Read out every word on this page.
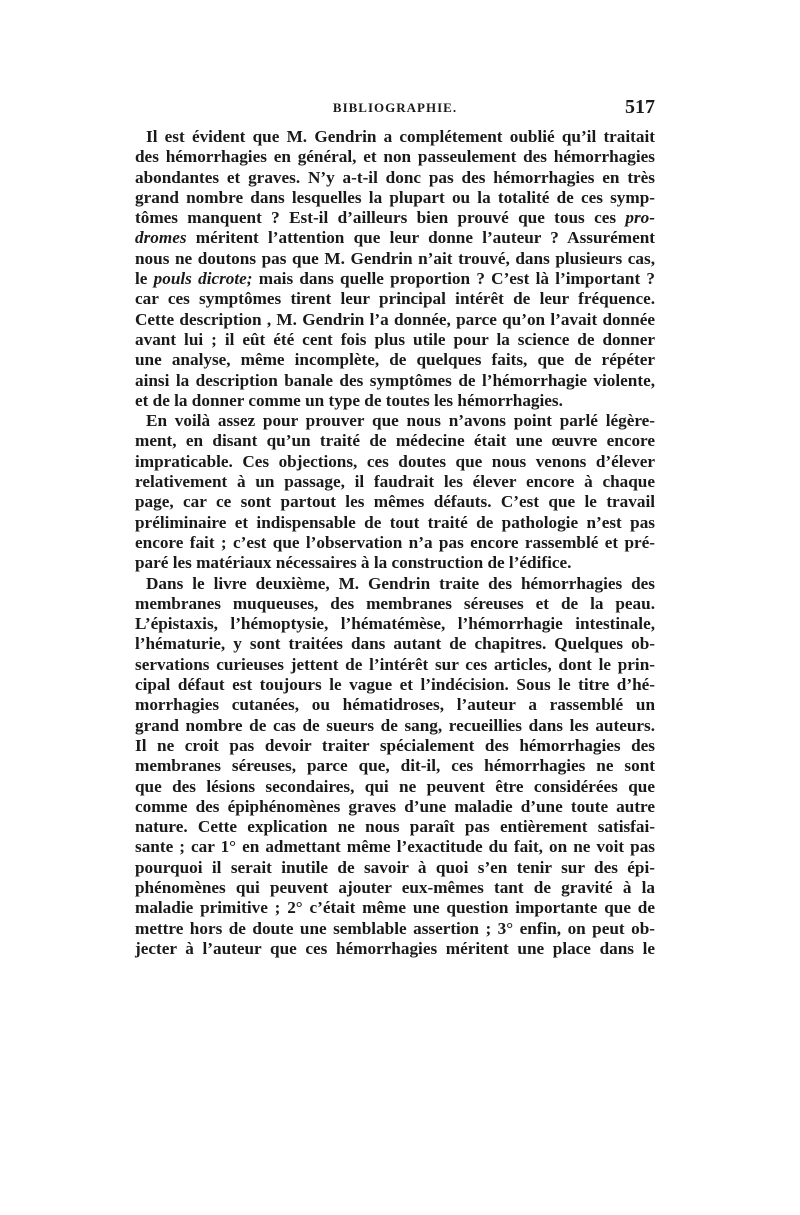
BIBLIOGRAPHIE.	517
Il est évident que M. Gendrin a complétement oublié qu’il traitait
des hémorrhagies en général, et non passeulement des hémorrhagies
abondantes et graves. N’y a-t-il donc pas des hémorrhagies en très
grand nombre dans lesquelles la plupart ou la totalité de ces symp-
tômes manquent ? Est-il d’ailleurs bien prouvé que tous ces pro-
dromes méritent l’attention que leur donne l’auteur ? Assurément
nous ne doutons pas que M. Gendrin n’ait trouvé, dans plusieurs cas,
le pouls dicrote; mais dans quelle proportion ? C’est là l’important ?
car ces symptômes tirent leur principal intérêt de leur fréquence.
Cette description , M. Gendrin l’a donnée, parce qu’on l’avait donnée
avant lui ; il eût été cent fois plus utile pour la science de donner
une analyse, même incomplète, de quelques faits, que de répéter
ainsi la description banale des symptômes de l’hémorrhagie violente,
et de la donner comme un type de toutes les hémorrhagies.
En voilà assez pour prouver que nous n’avons point parlé légère-
ment, en disant qu’un traité de médecine était une œuvre encore
impraticable. Ces objections, ces doutes que nous venons d’élever
relativement à un passage, il faudrait les élever encore à chaque
page, car ce sont partout les mêmes défauts. C’est que le travail
préliminaire et indispensable de tout traité de pathologie n’est pas
encore fait ; c’est que l’observation n’a pas encore rassemblé et pré-
paré les matériaux nécessaires à la construction de l’édifice.
Dans le livre deuxième, M. Gendrin traite des hémorrhagies des
membranes muqueuses, des membranes séreuses et de la peau.
L’épistaxis, l’hémoptysie, l’hématémèse, l’hémorrhagie intestinale,
l’hématurie, y sont traitées dans autant de chapitres. Quelques ob-
servations curieuses jettent de l’intérêt sur ces articles, dont le prin-
cipal défaut est toujours le vague et l’indécision. Sous le titre d’hé-
morrhagies cutanées, ou hématidroses, l’auteur a rassemblé un
grand nombre de cas de sueurs de sang, recueillies dans les auteurs.
Il ne croit pas devoir traiter spécialement des hémorrhagies des
membranes séreuses, parce que, dit-il, ces hémorrhagies ne sont
que des lésions secondaires, qui ne peuvent être considérées que
comme des épiphénomènes graves d’une maladie d’une toute autre
nature. Cette explication ne nous paraît pas entièrement satisfai-
sante ; car 1° en admettant même l’exactitude du fait, on ne voit pas
pourquoi il serait inutile de savoir à quoi s’en tenir sur des épi-
phénomènes qui peuvent ajouter eux-mêmes tant de gravité à la
maladie primitive ; 2° c’était même une question importante que de
mettre hors de doute une semblable assertion ; 3° enfin, on peut ob-
jecter à l’auteur que ces hémorrhagies méritent une place dans le
